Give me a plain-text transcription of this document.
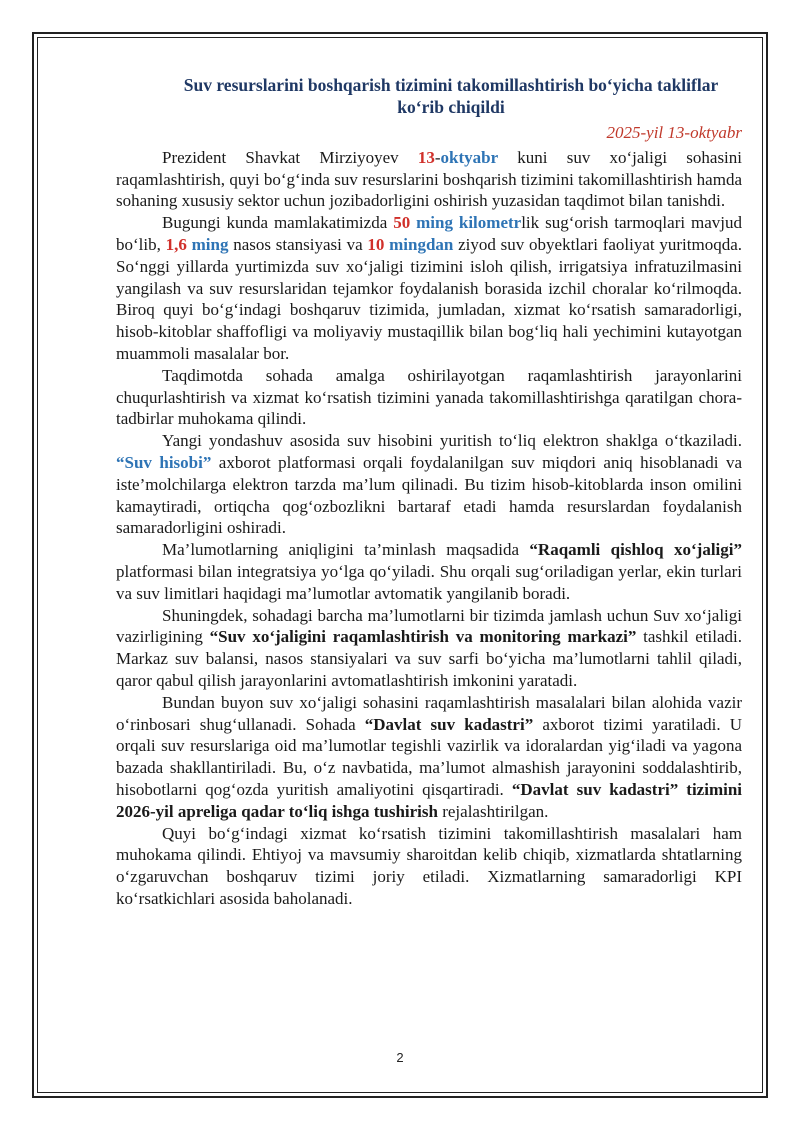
Suv resurslarini boshqarish tizimini takomillashtirish bo‘yicha takliflar ko‘rib chiqildi
2025-yil 13-oktyabr

Prezident Shavkat Mirziyoyev 13-oktyabr kuni suv xo‘jaligi sohasini raqamlashtirish, quyi bo‘g‘inda suv resurslarini boshqarish tizimini takomillashtirish hamda sohaning xususiy sektor uchun jozibadorligini oshirish yuzasidan taqdimot bilan tanishdi.

Bugungi kunda mamlakatimizda 50 ming kilometrlik sug‘orish tarmoqlari mavjud bo‘lib, 1,6 ming nasos stansiyasi va 10 mingdan ziyod suv obyektlari faoliyat yuritmoqda. So‘nggi yillarda yurtimizda suv xo‘jaligi tizimini isloh qilish, irrigatsiya infratuzilmasini yangilash va suv resurslaridan tejamkor foydalanish borasida izchil choralar ko‘rilmoqda. Biroq quyi bo‘g‘indagi boshqaruv tizimida, jumladan, xizmat ko‘rsatish samaradorligi, hisob-kitoblar shaffofligi va moliyaviy mustaqillik bilan bog‘liq hali yechimini kutayotgan muammoli masalalar bor.

Taqdimotda sohada amalga oshirilayotgan raqamlashtirish jarayonlarini chuqurlashtirish va xizmat ko‘rsatish tizimini yanada takomillashtirishga qaratilgan chora-tadbirlar muhokama qilindi.

Yangi yondashuv asosida suv hisobini yuritish to‘liq elektron shaklga o‘tkaziladi. “Suv hisobi” axborot platformasi orqali foydalanilgan suv miqdori aniq hisoblanadi va iste’molchilarga elektron tarzda ma’lum qilinadi. Bu tizim hisob-kitoblarda inson omilini kamaytiradi, ortiqcha qog‘ozbozlikni bartaraf etadi hamda resurslardan foydalanish samaradorligini oshiradi.

Ma’lumotlarning aniqligini ta’minlash maqsadida “Raqamli qishloq xo‘jaligi” platformasi bilan integratsiya yo‘lga qo‘yiladi. Shu orqali sug‘oriladigan yerlar, ekin turlari va suv limitlari haqidagi ma’lumotlar avtomatik yangilanib boradi.

Shuningdek, sohadagi barcha ma’lumotlarni bir tizimda jamlash uchun Suv xo‘jaligi vazirligining “Suv xo‘jaligini raqamlashtirish va monitoring markazi” tashkil etiladi. Markaz suv balansi, nasos stansiyalari va suv sarfi bo‘yicha ma’lumotlarni tahlil qiladi, qaror qabul qilish jarayonlarini avtomatlashtirish imkonini yaratadi.

Bundan buyon suv xo‘jaligi sohasini raqamlashtirish masalalari bilan alohida vazir o‘rinbosari shug‘ullanadi. Sohada “Davlat suv kadastri” axborot tizimi yaratiladi. U orqali suv resurslariga oid ma’lumotlar tegishli vazirlik va idoralardan yig‘iladi va yagona bazada shakllantiriladi. Bu, o‘z navbatida, ma’lumot almashish jarayonini soddalashtirib, hisobotlarni qog‘ozda yuritish amaliyotini qisqartiradi. “Davlat suv kadastri” tizimini 2026-yil apreliga qadar to‘liq ishga tushirish rejalashtirilgan.

Quyi bo‘g‘indagi xizmat ko‘rsatish tizimini takomillashtirish masalalari ham muhokama qilindi. Ehtiyoj va mavsumiy sharoitdan kelib chiqib, xizmatlarda shtatlarning o‘zgaruvchan boshqaruv tizimi joriy etiladi. Xizmatlarning samaradorligi KPI ko‘rsatkichlari asosida baholanadi.

2
